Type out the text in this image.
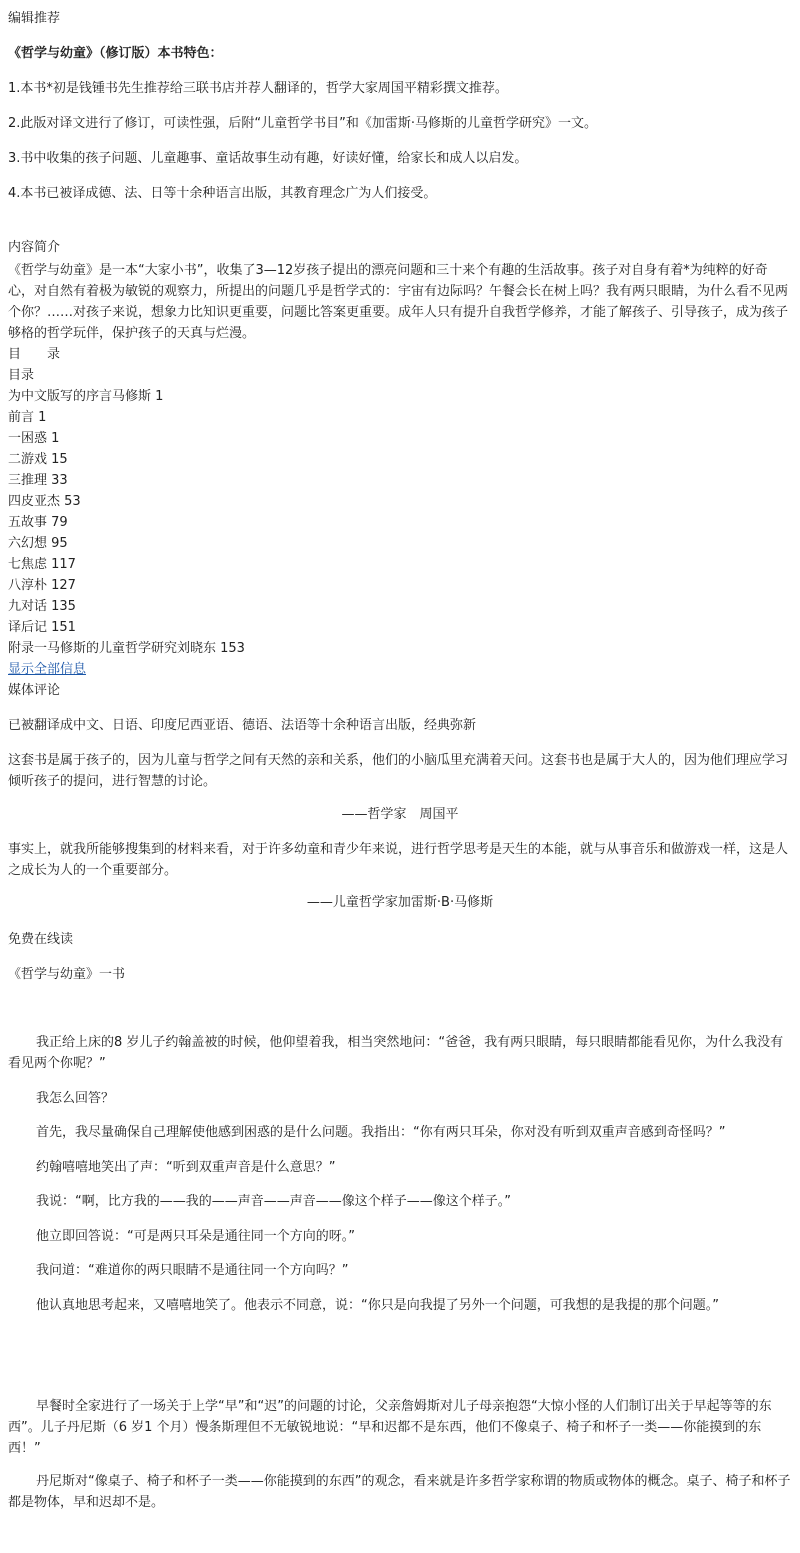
编辑推荐

《哲学与幼童》（修订版）本书特色：

1.本书*初是钱锺书先生推荐给三联书店并荐人翻译的，哲学大家周国平精彩撰文推荐。

2.此版对译文进行了修订，可读性强，后附“儿童哲学书目”和《加雷斯·马修斯的儿童哲学研究》一文。

3.书中收集的孩子问题、儿童趣事、童话故事生动有趣，好读好懂，给家长和成人以启发。

4.本书已被译成德、法、日等十余种语言出版，其教育理念广为人们接受。

内容简介

《哲学与幼童》是一本“大家小书”，收集了3—12岁孩子提出的漂亮问题和三十来个有趣的生活故事。孩子对自身有着*为纯粹的好奇心，对自然有着极为敏锐的观察力，所提出的问题几乎是哲学式的：宇宙有边际吗？午餐会长在树上吗？我有两只眼睛，为什么看不见两个你？……对孩子来说，想象力比知识更重要，问题比答案更重要。成年人只有提升自我哲学修养，才能了解孩子、引导孩子，成为孩子够格的哲学玩伴，保护孩子的天真与烂漫。

目　　录

目录

为中文版写的序言马修斯 1

前言 1

一困惑 1

二游戏 15

三推理 33

四皮亚杰 53

五故事 79

六幻想 95

七焦虑 117

八淳朴 127

九对话 135

译后记 151

附录一马修斯的儿童哲学研究刘晓东 153

显示全部信息

媒体评论

已被翻译成中文、日语、印度尼西亚语、德语、法语等十余种语言出版，经典弥新

这套书是属于孩子的，因为儿童与哲学之间有天然的亲和关系，他们的小脑瓜里充满着天问。这套书也是属于大人的，因为他们理应学习倾听孩子的提问，进行智慧的讨论。

——哲学家　周国平

事实上，就我所能够搜集到的材料来看，对于许多幼童和青少年来说，进行哲学思考是天生的本能，就与从事音乐和做游戏一样，这是人之成长为人的一个重要部分。

——儿童哲学家加雷斯·B·马修斯

免费在线读

《哲学与幼童》一书

我正给上床的8 岁儿子约翰盖被的时候，他仰望着我，相当突然地问：“爸爸，我有两只眼睛，每只眼睛都能看见你，为什么我没有看见两个你呢？”

我怎么回答？

首先，我尽量确保自己理解使他感到困惑的是什么问题。我指出：“你有两只耳朵，你对没有听到双重声音感到奇怪吗？”

约翰嘻嘻地笑出了声：“听到双重声音是什么意思？”

我说：“啊，比方我的——我的——声音——声音——像这个样子——像这个样子。”

他立即回答说：“可是两只耳朵是通往同一个方向的呀。”

我问道：“难道你的两只眼睛不是通往同一个方向吗？”

他认真地思考起来，又嘻嘻地笑了。他表示不同意，说：“你只是向我提了另外一个问题，可我想的是我提的那个问题。”

早餐时全家进行了一场关于上学“早”和“迟”的问题的讨论，父亲詹姆斯对儿子母亲抱怨“大惊小怪的人们制订出关于早起等等的东西”。儿子丹尼斯（6 岁1 个月）慢条斯理但不无敏锐地说：“早和迟都不是东西，他们不像桌子、椅子和杯子一类——你能摸到的东西！”

丹尼斯对“像桌子、椅子和杯子一类——你能摸到的东西”的观念，看来就是许多哲学家称谓的物质或物体的概念。桌子、椅子和杯子都是物体，早和迟却不是。
